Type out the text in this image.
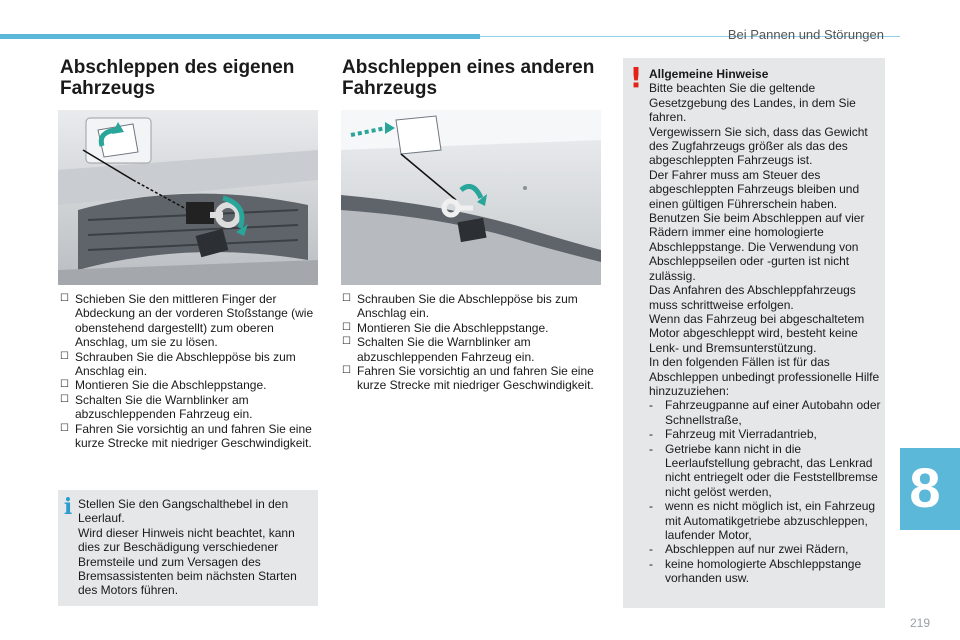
Bei Pannen und Störungen
Abschleppen des eigenen Fahrzeugs
☐ Schieben Sie den mittleren Finger der Abdeckung an der vorderen Stoßstange (wie obenstehend dargestellt) zum oberen Anschlag, um sie zu lösen.
☐ Schrauben Sie die Abschleppöse bis zum Anschlag ein.
☐ Montieren Sie die Abschleppstange.
☐ Schalten Sie die Warnblinker am abzuschleppenden Fahrzeug ein.
☐ Fahren Sie vorsichtig an und fahren Sie eine kurze Strecke mit niedriger Geschwindigkeit.
i Stellen Sie den Gangschalthebel in den Leerlauf.
Wird dieser Hinweis nicht beachtet, kann dies zur Beschädigung verschiedener Bremsteile und zum Versagen des Bremsassistenten beim nächsten Starten des Motors führen.
Abschleppen eines anderen Fahrzeugs
☐ Schrauben Sie die Abschleppöse bis zum Anschlag ein.
☐ Montieren Sie die Abschleppstange.
☐ Schalten Sie die Warnblinker am abzuschleppenden Fahrzeug ein.
☐ Fahren Sie vorsichtig an und fahren Sie eine kurze Strecke mit niedriger Geschwindigkeit.
! Allgemeine Hinweise
Bitte beachten Sie die geltende Gesetzgebung des Landes, in dem Sie fahren.
Vergewissern Sie sich, dass das Gewicht des Zugfahrzeugs größer als das des abgeschleppten Fahrzeugs ist.
Der Fahrer muss am Steuer des abgeschleppten Fahrzeugs bleiben und einen gültigen Führerschein haben.
Benutzen Sie beim Abschleppen auf vier Rädern immer eine homologierte Abschleppstange. Die Verwendung von Abschleppseilen oder -gurten ist nicht zulässig.
Das Anfahren des Abschleppfahrzeugs muss schrittweise erfolgen.
Wenn das Fahrzeug bei abgeschaltetem Motor abgeschleppt wird, besteht keine Lenk- und Bremsunterstützung.
In den folgenden Fällen ist für das Abschleppen unbedingt professionelle Hilfe hinzuzuziehen:
- Fahrzeugpanne auf einer Autobahn oder Schnellstraße,
- Fahrzeug mit Vierradantrieb,
- Getriebe kann nicht in die Leerlaufstellung gebracht, das Lenkrad nicht entriegelt oder die Feststellbremse nicht gelöst werden,
- wenn es nicht möglich ist, ein Fahrzeug mit Automatikgetriebe abzuschleppen, laufender Motor,
- Abschleppen auf nur zwei Rädern,
- keine homologierte Abschleppstange vorhanden usw.
8
219
